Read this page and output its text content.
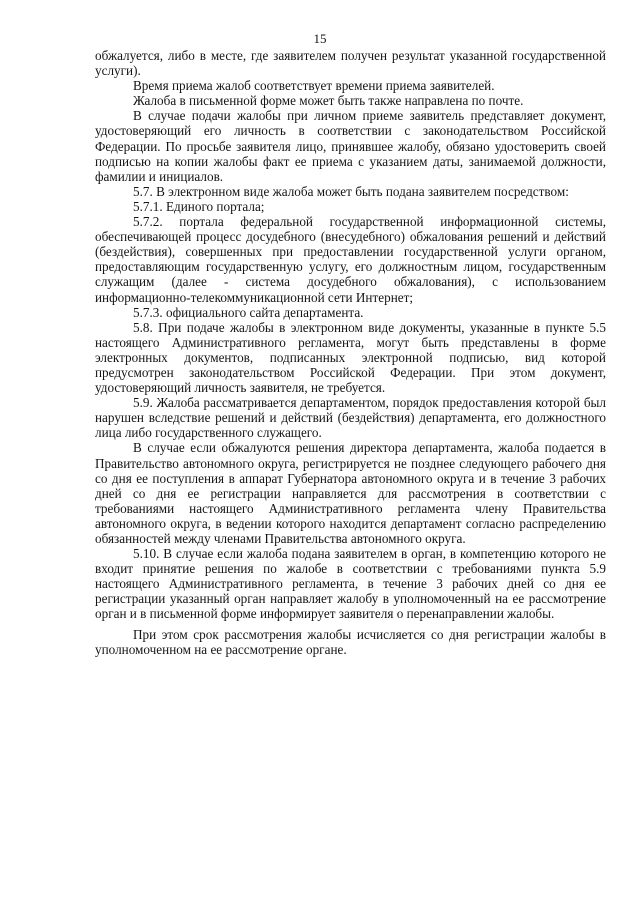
15

обжалуется, либо в месте, где заявителем получен результат указанной государственной услуги).

Время приема жалоб соответствует времени приема заявителей.

Жалоба в письменной форме может быть также направлена по почте.

В случае подачи жалобы при личном приеме заявитель представляет документ, удостоверяющий его личность в соответствии с законодательством Российской Федерации. По просьбе заявителя лицо, принявшее жалобу, обязано удостоверить своей подписью на копии жалобы факт ее приема с указанием даты, занимаемой должности, фамилии и инициалов.

5.7. В электронном виде жалоба может быть подана заявителем посредством:

5.7.1. Единого портала;

5.7.2. портала федеральной государственной информационной системы, обеспечивающей процесс досудебного (внесудебного) обжалования решений и действий (бездействия), совершенных при предоставлении государственной услуги органом, предоставляющим государственную услугу, его должностным лицом, государственным служащим (далее - система досудебного обжалования), с использованием информационно-телекоммуникационной сети Интернет;

5.7.3. официального сайта департамента.

5.8. При подаче жалобы в электронном виде документы, указанные в пункте 5.5 настоящего Административного регламента, могут быть представлены в форме электронных документов, подписанных электронной подписью, вид которой предусмотрен законодательством Российской Федерации. При этом документ, удостоверяющий личность заявителя, не требуется.

5.9. Жалоба рассматривается департаментом, порядок предоставления которой был нарушен вследствие решений и действий (бездействия) департамента, его должностного лица либо государственного служащего.

В случае если обжалуются решения директора департамента, жалоба подается в Правительство автономного округа, регистрируется не позднее следующего рабочего дня со дня ее поступления в аппарат Губернатора автономного округа и в течение 3 рабочих дней со дня ее регистрации направляется для рассмотрения в соответствии с требованиями настоящего Административного регламента члену Правительства автономного округа, в ведении которого находится департамент согласно распределению обязанностей между членами Правительства автономного округа.

5.10. В случае если жалоба подана заявителем в орган, в компетенцию которого не входит принятие решения по жалобе в соответствии с требованиями пункта 5.9 настоящего Административного регламента, в течение 3 рабочих дней со дня ее регистрации указанный орган направляет жалобу в уполномоченный на ее рассмотрение орган и в письменной форме информирует заявителя о перенаправлении жалобы.

При этом срок рассмотрения жалобы исчисляется со дня регистрации жалобы в уполномоченном на ее рассмотрение органе.
